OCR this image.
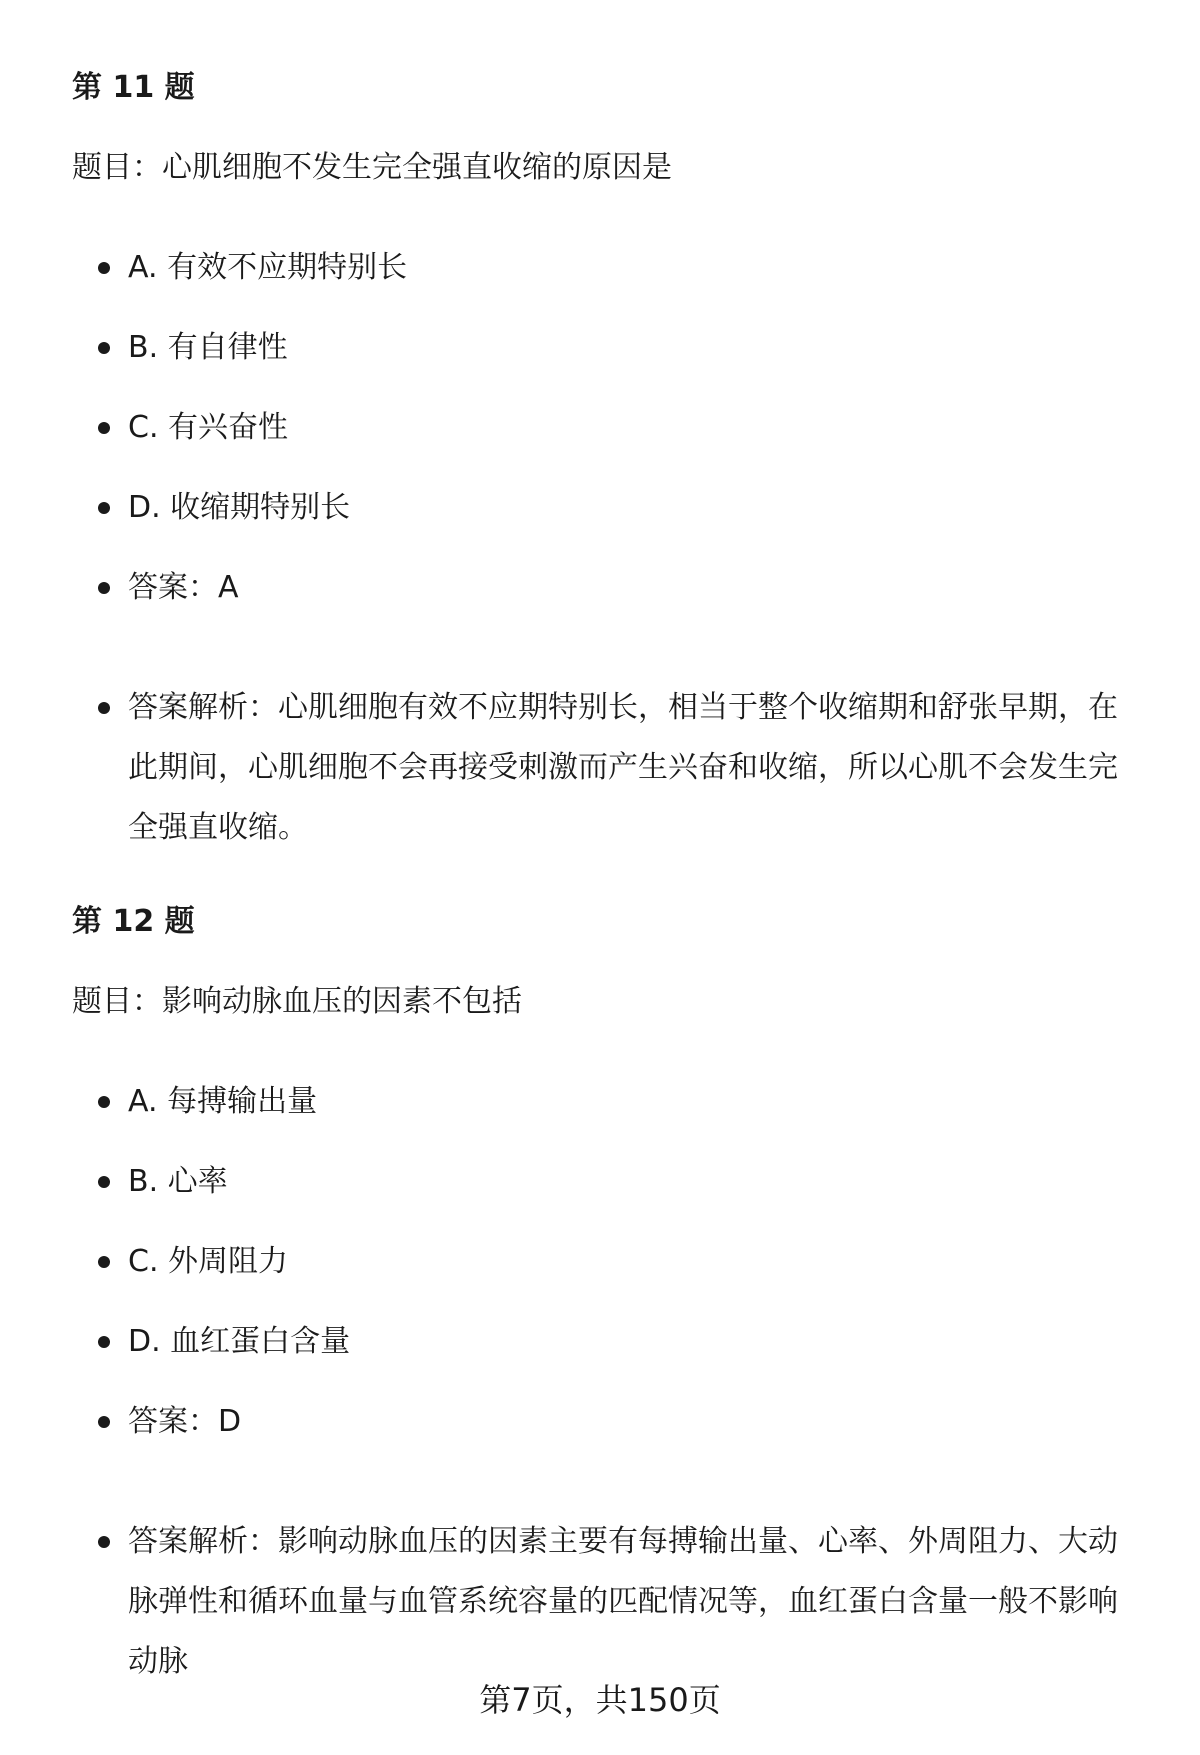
第 11 题

题目：心肌细胞不发生完全强直收缩的原因是

A. 有效不应期特别长

B. 有自律性

C. 有兴奋性

D. 收缩期特别长

答案：A

答案解析：心肌细胞有效不应期特别长，相当于整个收缩期和舒张早期，在此期间，心肌细胞不会再接受刺激而产生兴奋和收缩，所以心肌不会发生完全强直收缩。

第 12 题

题目：影响动脉血压的因素不包括

A. 每搏输出量

B. 心率

C. 外周阻力

D. 血红蛋白含量

答案：D

答案解析：影响动脉血压的因素主要有每搏输出量、心率、外周阻力、大动脉弹性和循环血量与血管系统容量的匹配情况等，血红蛋白含量一般不影响动脉

第7页，共150页
